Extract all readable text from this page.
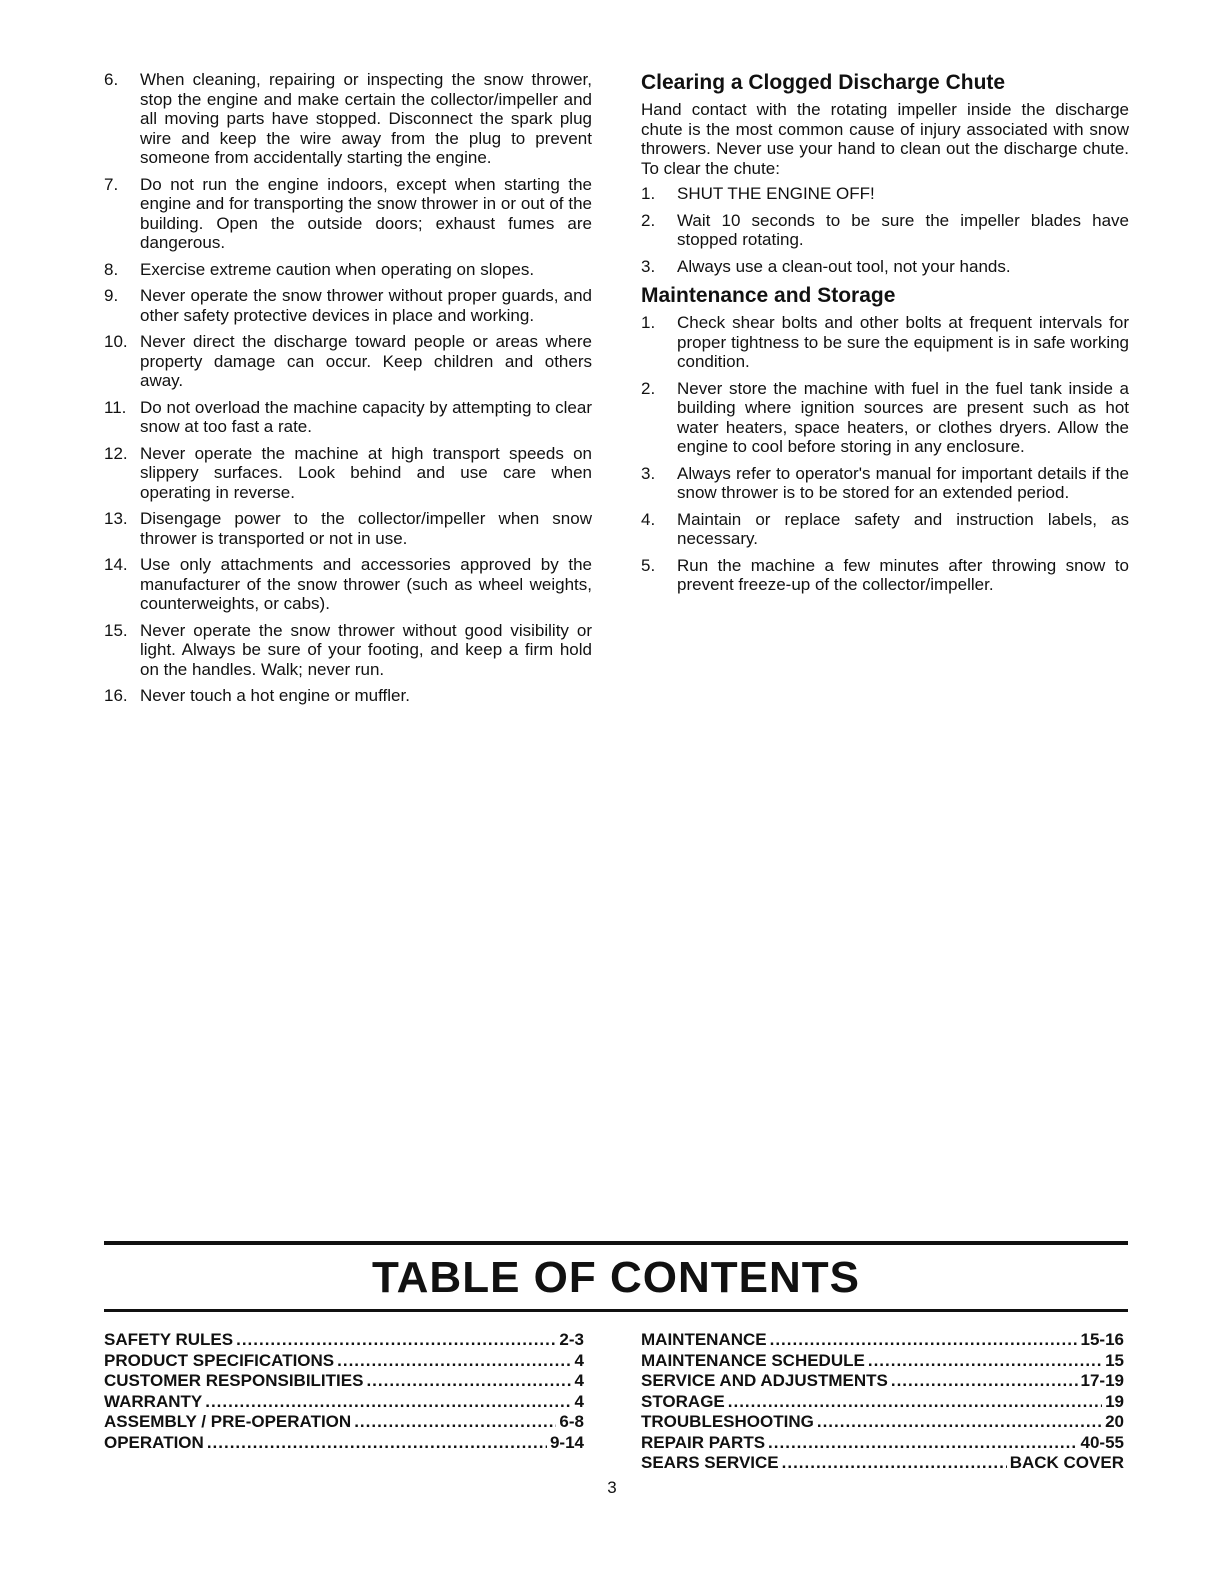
6.	When cleaning, repairing or inspecting the snow thrower, stop the engine and make certain the collector/impeller and all moving parts have stopped. Disconnect the spark plug wire and keep the wire away from the plug to prevent someone from accidentally starting the engine.
7.	Do not run the engine indoors, except when starting the engine and for transporting the snow thrower in or out of the building. Open the outside doors; exhaust fumes are dangerous.
8.	Exercise extreme caution when operating on slopes.
9.	Never operate the snow thrower without proper guards, and other safety protective devices in place and working.
10. Never direct the discharge toward people or areas where property damage can occur. Keep children and others away.
11. Do not overload the machine capacity by attempting to clear snow at too fast a rate.
12. Never operate the machine at high transport speeds on slippery surfaces. Look behind and use care when operating in reverse.
13. Disengage power to the collector/impeller when snow thrower is transported or not in use.
14. Use only attachments and accessories approved by the manufacturer of the snow thrower (such as wheel weights, counterweights, or cabs).
15. Never operate the snow thrower without good visibility or light. Always be sure of your footing, and keep a firm hold on the handles. Walk; never run.
16. Never touch a hot engine or muffler.
Clearing a Clogged Discharge Chute

Hand contact with the rotating impeller inside the discharge chute is the most common cause of injury associated with snow throwers. Never use your hand to clean out the discharge chute. To clear the chute:

1.	SHUT THE ENGINE OFF!
2.	Wait 10 seconds to be sure the impeller blades have stopped rotating.
3.	Always use a clean-out tool, not your hands.
Maintenance and Storage
1.	Check shear bolts and other bolts at frequent intervals for proper tightness to be sure the equipment is in safe working condition.
2.	Never store the machine with fuel in the fuel tank inside a building where ignition sources are present such as hot water heaters, space heaters, or clothes dryers. Allow the engine to cool before storing in any enclosure.
3.	Always refer to operator's manual for important details if the snow thrower is to be stored for an extended period.
4.	Maintain or replace safety and instruction labels, as necessary.
5.	Run the machine a few minutes after throwing snow to prevent freeze-up of the collector/impeller.
TABLE OF CONTENTS
SAFETY RULES .....	2-3
PRODUCT SPECIFICATIONS .....	4
CUSTOMER RESPONSIBILITIES .....	4
WARRANTY .....	4
ASSEMBLY / PRE-OPERATION .....	6-8
OPERATION .....	9-14
MAINTENANCE .....	15-16
MAINTENANCE SCHEDULE .....	15
SERVICE AND ADJUSTMENTS .....	17-19
STORAGE .....	19
TROUBLESHOOTING .....	20
REPAIR PARTS .....	40-55
SEARS SERVICE .....	BACK COVER
3
